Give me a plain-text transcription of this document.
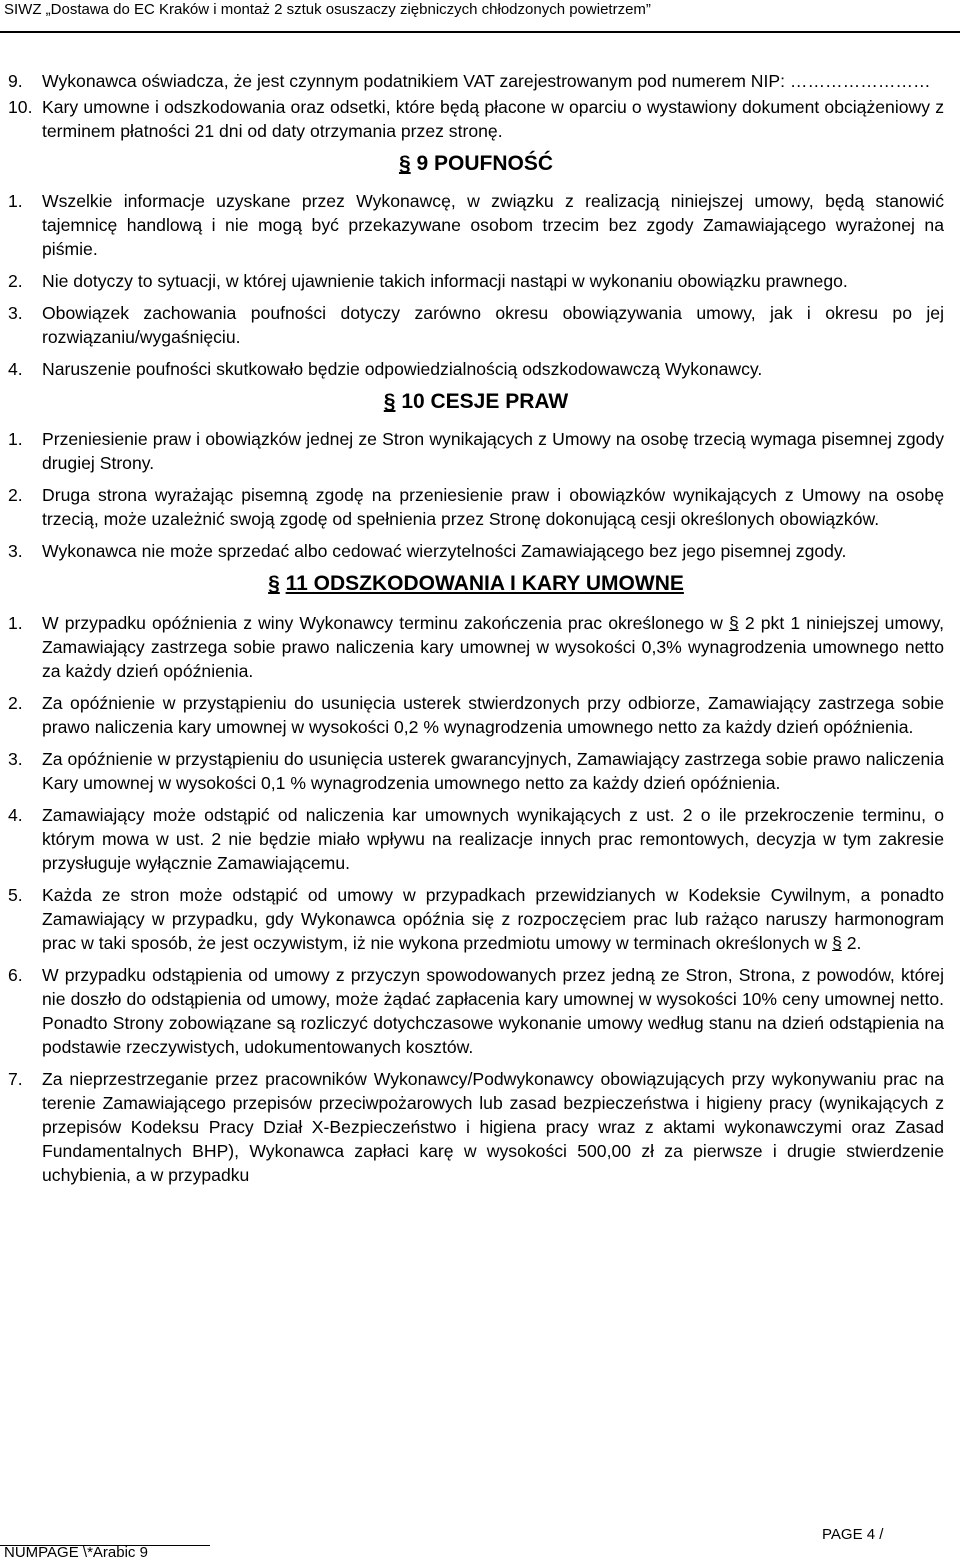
SIWZ „Dostawa do EC Kraków i montaż 2 sztuk osuszaczy ziębniczych chłodzonych powietrzem”
9. Wykonawca oświadcza, że jest czynnym podatnikiem VAT zarejestrowanym pod numerem NIP: ……………………
10. Kary umowne i odszkodowania oraz odsetki, które będą płacone w oparciu o wystawiony dokument obciążeniowy z terminem płatności 21 dni od daty otrzymania przez stronę.
§ 9 POUFNOŚĆ
1. Wszelkie informacje uzyskane przez Wykonawcę, w związku z realizacją niniejszej umowy, będą stanowić tajemnicę handlową i nie mogą być przekazywane osobom trzecim bez zgody Zamawiającego wyrażonej na piśmie.
2. Nie dotyczy to sytuacji, w której ujawnienie takich informacji nastąpi w wykonaniu obowiązku prawnego.
3. Obowiązek zachowania poufności dotyczy zarówno okresu obowiązywania umowy, jak i okresu po jej rozwiązaniu/wygaśnięciu.
4. Naruszenie poufności skutkowało będzie odpowiedzialnością odszkodowawczą Wykonawcy.
§ 10 CESJE PRAW
1. Przeniesienie praw i obowiązków jednej ze Stron wynikających z Umowy na osobę trzecią wymaga pisemnej zgody drugiej Strony.
2. Druga strona wyrażając pisemną zgodę na przeniesienie praw i obowiązków wynikających z Umowy na osobę trzecią, może uzależnić swoją zgodę od spełnienia przez Stronę dokonującą cesji określonych obowiązków.
3. Wykonawca nie może sprzedać albo cedować wierzytelności Zamawiającego bez jego pisemnej zgody.
§ 11 ODSZKODOWANIA I KARY UMOWNE
1. W przypadku opóźnienia z winy Wykonawcy terminu zakończenia prac określonego w § 2 pkt 1 niniejszej umowy, Zamawiający zastrzega sobie prawo naliczenia kary umownej w wysokości 0,3% wynagrodzenia umownego netto za każdy dzień opóźnienia.
2. Za opóźnienie w przystąpieniu do usunięcia usterek stwierdzonych przy odbiorze, Zamawiający zastrzega sobie prawo naliczenia kary umownej w wysokości 0,2 % wynagrodzenia umownego netto za każdy dzień opóźnienia.
3. Za opóźnienie w przystąpieniu do usunięcia usterek gwarancyjnych, Zamawiający zastrzega sobie prawo naliczenia Kary umownej w wysokości 0,1 % wynagrodzenia umownego netto za każdy dzień opóźnienia.
4. Zamawiający może odstąpić od naliczenia kar umownych wynikających z ust. 2 o ile przekroczenie terminu, o którym mowa w ust. 2 nie będzie miało wpływu na realizacje innych prac remontowych, decyzja w tym zakresie przysługuje wyłącznie Zamawiającemu.
5. Każda ze stron może odstąpić od umowy w przypadkach przewidzianych w Kodeksie Cywilnym, a ponadto Zamawiający w przypadku, gdy Wykonawca opóźnia się z rozpoczęciem prac lub rażąco naruszy harmonogram prac w taki sposób, że jest oczywistym, iż nie wykona przedmiotu umowy w terminach określonych w § 2.
6. W przypadku odstąpienia od umowy z przyczyn spowodowanych przez jedną ze Stron, Strona, z powodów, której nie doszło do odstąpienia od umowy, może żądać zapłacenia kary umownej w wysokości 10% ceny umownej netto. Ponadto Strony zobowiązane są rozliczyć dotychczasowe wykonanie umowy według stanu na dzień odstąpienia na podstawie rzeczywistych, udokumentowanych kosztów.
7. Za nieprzestrzeganie przez pracowników Wykonawcy/Podwykonawcy obowiązujących przy wykonywaniu prac na terenie Zamawiającego przepisów przeciwpożarowych lub zasad bezpieczeństwa i higieny pracy (wynikających z przepisów Kodeksu Pracy Dział X-Bezpieczeństwo i higiena pracy wraz z aktami wykonawczymi oraz Zasad Fundamentalnych BHP), Wykonawca zapłaci karę w wysokości 500,00 zł za pierwsze i drugie stwierdzenie uchybienia, a w przypadku
PAGE 4 /
NUMPAGE \*Arabic 9
